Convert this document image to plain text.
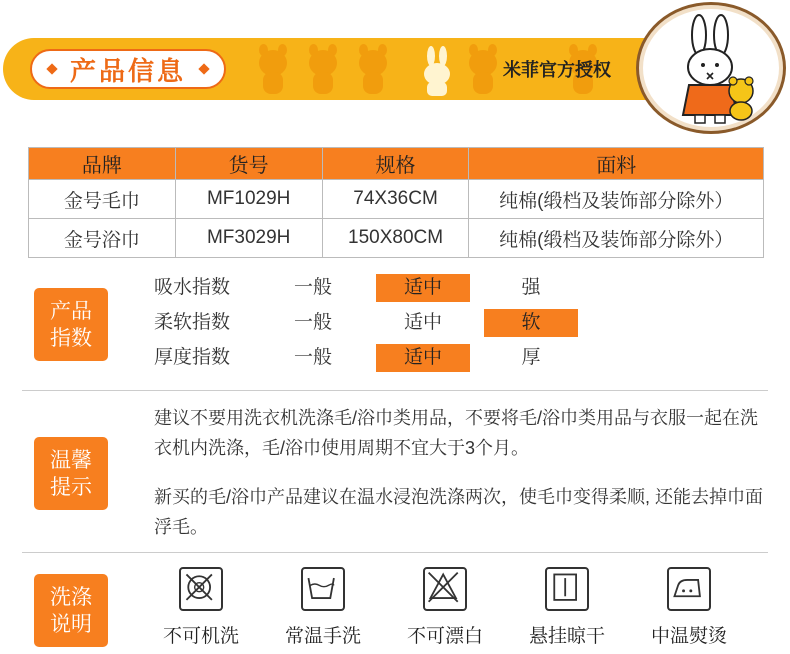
产品信息	米菲官方授权
品牌	货号	规格	面料
金号毛巾	MF1029H	74X36CM	纯棉(缎档及装饰部分除外）
金号浴巾	MF3029H	150X80CM	纯棉(缎档及装饰部分除外）
产品
指数
吸水指数	一般	适中	强
柔软指数	一般	适中	软
厚度指数	一般	适中	厚
温馨
提示
建议不要用洗衣机洗涤毛/浴巾类用品，不要将毛/浴巾类用品与衣服一起在洗衣机内洗涤，毛/浴巾使用周期不宜大于3个月。
新买的毛/浴巾产品建议在温水浸泡洗涤两次，使毛巾变得柔顺, 还能去掉巾面浮毛。
洗涤
说明
不可机洗	常温手洗	不可漂白	悬挂晾干	中温熨烫
